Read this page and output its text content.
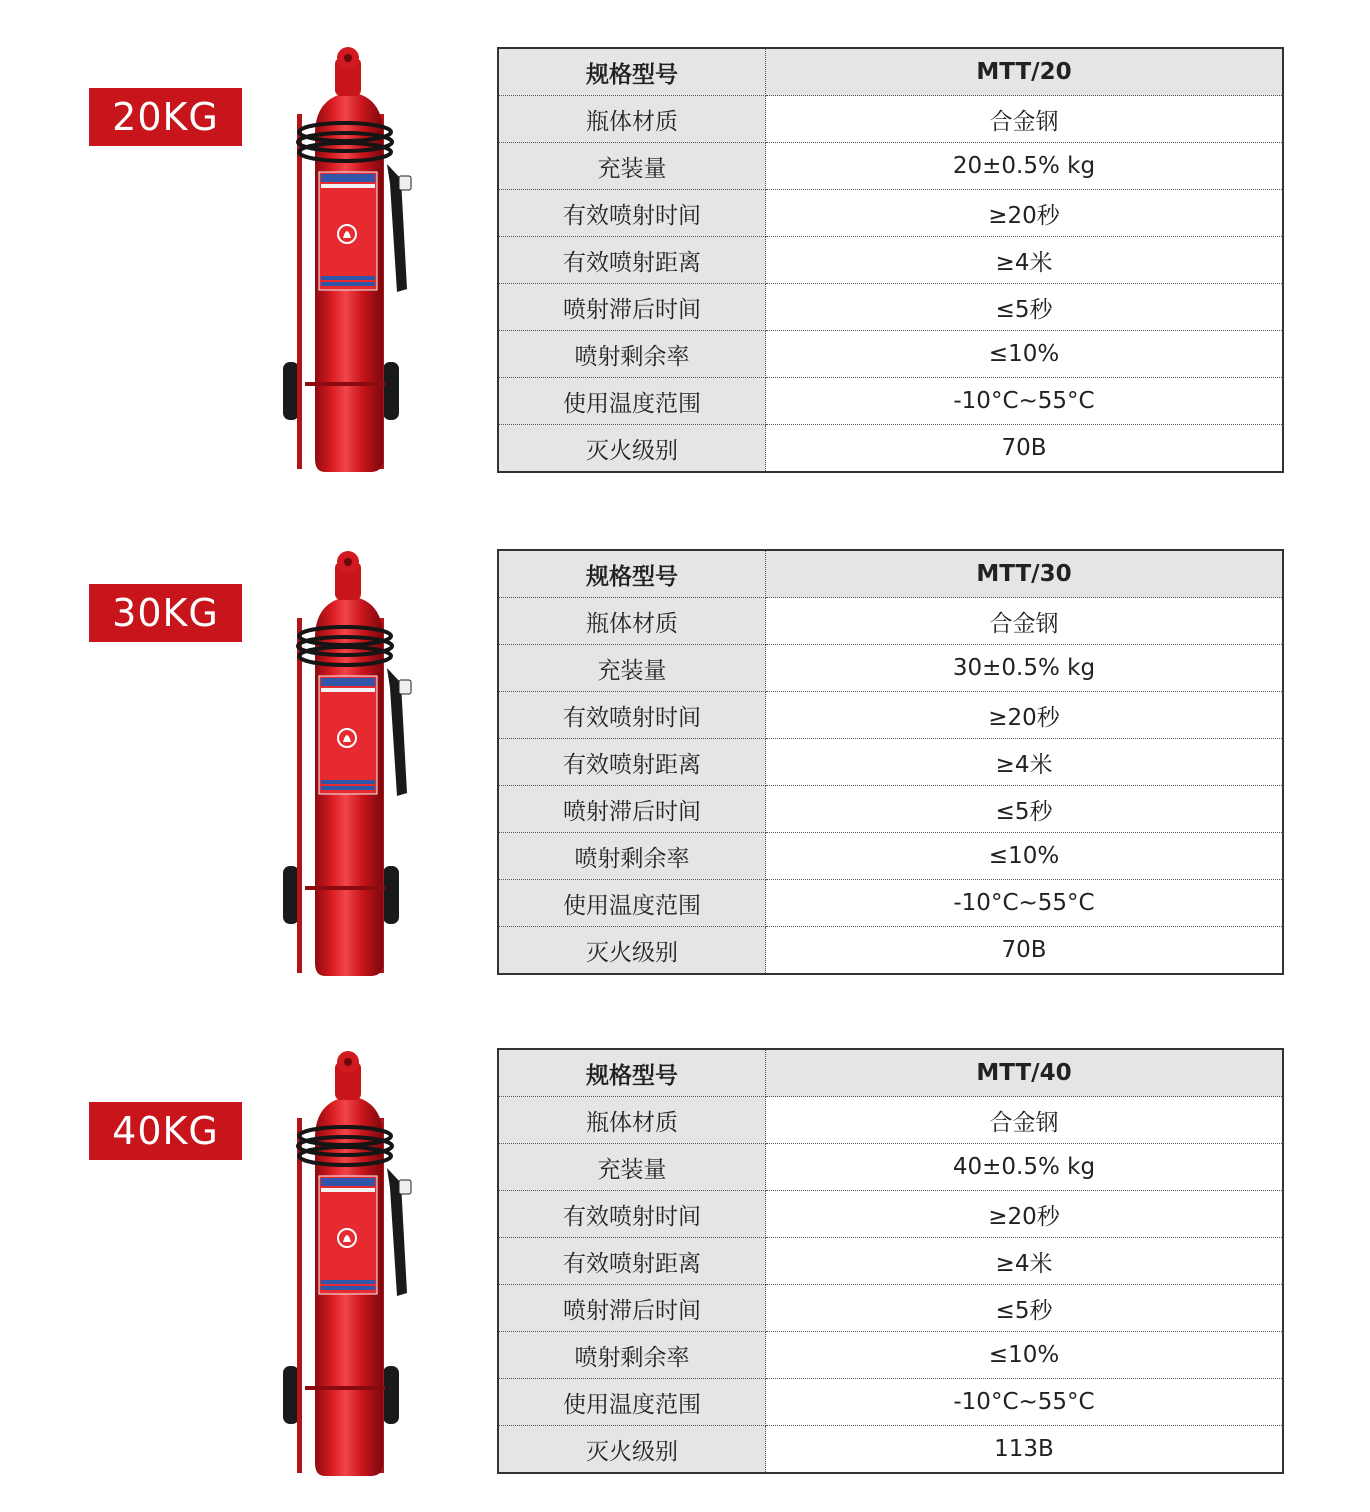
20KG
规格型号	MTT/20
瓶体材质	合金钢
充装量	20±0.5% kg
有效喷射时间	≥20秒
有效喷射距离	≥4米
喷射滞后时间	≤5秒
喷射剩余率	≤10%
使用温度范围	-10°C~55°C
灭火级别	70B
30KG
规格型号	MTT/30
瓶体材质	合金钢
充装量	30±0.5% kg
有效喷射时间	≥20秒
有效喷射距离	≥4米
喷射滞后时间	≤5秒
喷射剩余率	≤10%
使用温度范围	-10°C~55°C
灭火级别	70B
40KG
规格型号	MTT/40
瓶体材质	合金钢
充装量	40±0.5% kg
有效喷射时间	≥20秒
有效喷射距离	≥4米
喷射滞后时间	≤5秒
喷射剩余率	≤10%
使用温度范围	-10°C~55°C
灭火级别	113B
